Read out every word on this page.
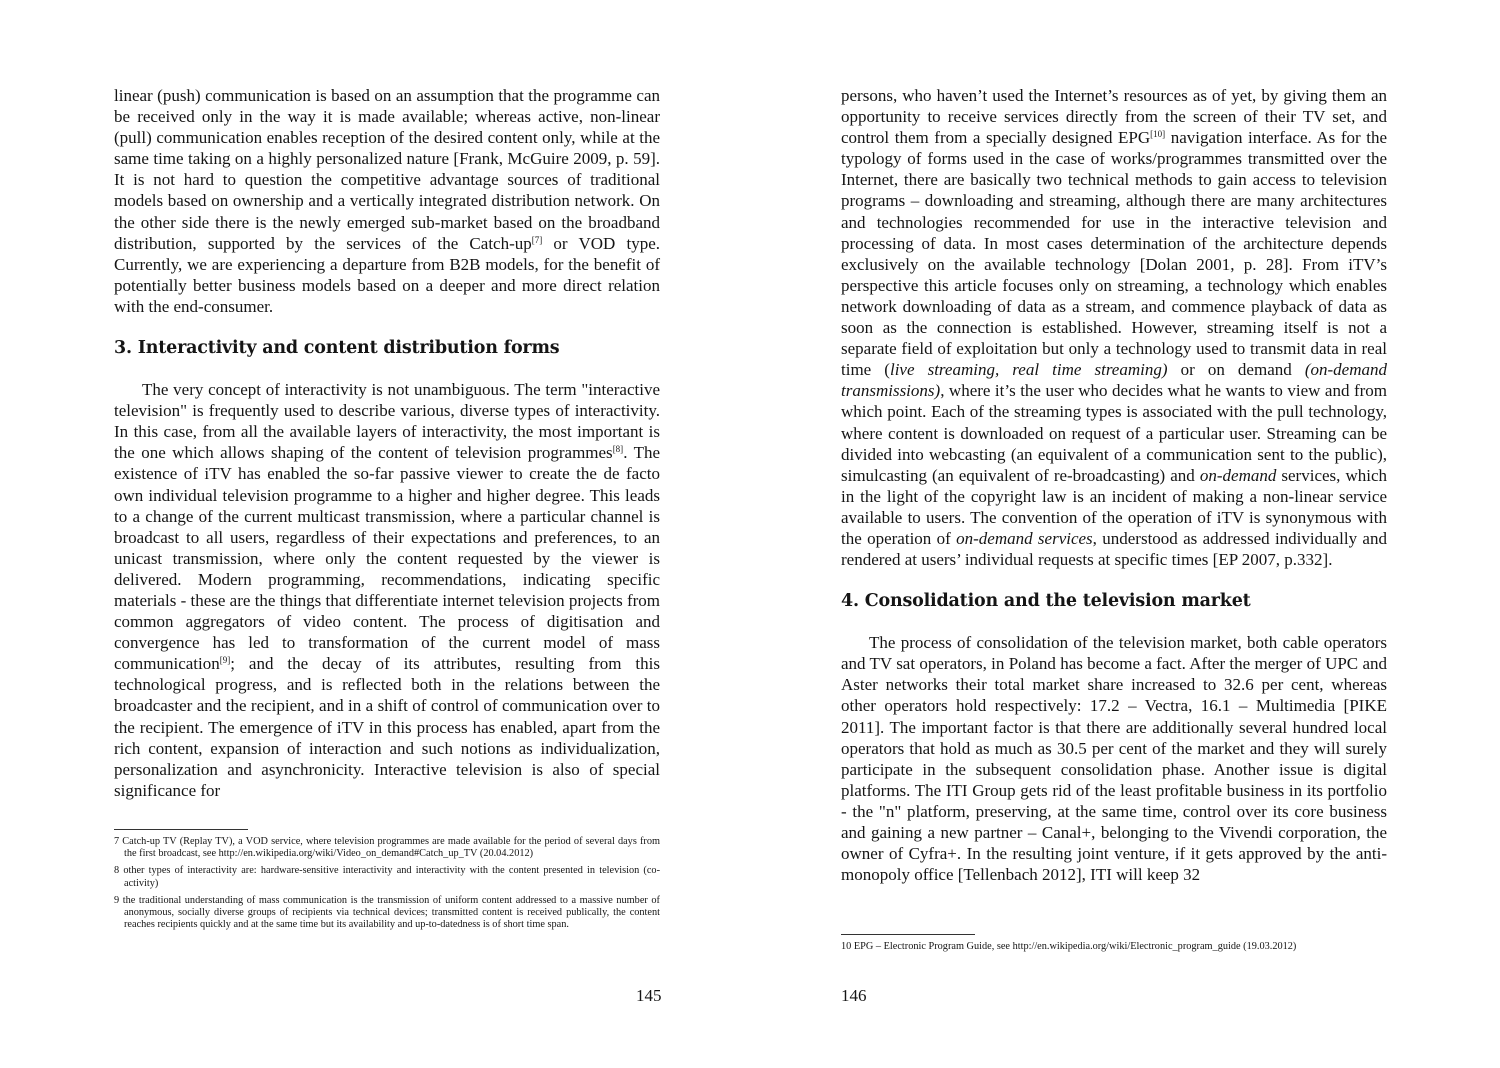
linear (push) communication is based on an assumption that the programme can be received only in the way it is made available; whereas active, non-linear (pull) communication enables reception of the desired content only, while at the same time taking on a highly personalized nature [Frank, McGuire 2009, p. 59]. It is not hard to question the competitive advantage sources of traditional models based on ownership and a vertically integrated distribution network. On the other side there is the newly emerged sub-market based on the broadband distribution, supported by the services of the Catch-up[7] or VOD type. Currently, we are experiencing a departure from B2B models, for the benefit of potentially better business models based on a deeper and more direct relation with the end-consumer.

3. Interactivity and content distribution forms

The very concept of interactivity is not unambiguous. The term "interactive television" is frequently used to describe various, diverse types of interactivity. In this case, from all the available layers of interactivity, the most important is the one which allows shaping of the content of television programmes[8]. The existence of iTV has enabled the so-far passive viewer to create the de facto own individual television programme to a higher and higher degree. This leads to a change of the current multicast transmission, where a particular channel is broadcast to all users, regardless of their expectations and preferences, to an unicast transmission, where only the content requested by the viewer is delivered. Modern programming, recommendations, indicating specific materials - these are the things that differentiate internet television projects from common aggregators of video content. The process of digitisation and convergence has led to transformation of the current model of mass communication[9]; and the decay of its attributes, resulting from this technological progress, and is reflected both in the relations between the broadcaster and the recipient, and in a shift of control of communication over to the recipient. The emergence of iTV in this process has enabled, apart from the rich content, expansion of interaction and such notions as individualization, personalization and asynchronicity. Interactive television is also of special significance for

7 Catch-up TV (Replay TV), a VOD service, where television programmes are made available for the period of several days from the first broadcast, see http://en.wikipedia.org/wiki/Video_on_demand#Catch_up_TV (20.04.2012)

8 other types of interactivity are: hardware-sensitive interactivity and interactivity with the content presented in television (co-activity)

9 the traditional understanding of mass communication is the transmission of uniform content addressed to a massive number of anonymous, socially diverse groups of recipients via technical devices; transmitted content is received publically, the content reaches recipients quickly and at the same time but its availability and up-to-datedness is of short time span.

145

persons, who haven’t used the Internet’s resources as of yet, by giving them an opportunity to receive services directly from the screen of their TV set, and control them from a specially designed EPG[10] navigation interface. As for the typology of forms used in the case of works/programmes transmitted over the Internet, there are basically two technical methods to gain access to television programs – downloading and streaming, although there are many architectures and technologies recommended for use in the interactive television and processing of data. In most cases determination of the architecture depends exclusively on the available technology [Dolan 2001, p. 28]. From iTV’s perspective this article focuses only on streaming, a technology which enables network downloading of data as a stream, and commence playback of data as soon as the connection is established. However, streaming itself is not a separate field of exploitation but only a technology used to transmit data in real time (live streaming, real time streaming) or on demand (on-demand transmissions), where it’s the user who decides what he wants to view and from which point. Each of the streaming types is associated with the pull technology, where content is downloaded on request of a particular user. Streaming can be divided into webcasting (an equivalent of a communication sent to the public), simulcasting (an equivalent of re-broadcasting) and on-demand services, which in the light of the copyright law is an incident of making a non-linear service available to users. The convention of the operation of iTV is synonymous with the operation of on-demand services, understood as addressed individually and rendered at users’ individual requests at specific times [EP 2007, p.332].

4. Consolidation and the television market

The process of consolidation of the television market, both cable operators and TV sat operators, in Poland has become a fact. After the merger of UPC and Aster networks their total market share increased to 32.6 per cent, whereas other operators hold respectively: 17.2 – Vectra, 16.1 – Multimedia [PIKE 2011]. The important factor is that there are additionally several hundred local operators that hold as much as 30.5 per cent of the market and they will surely participate in the subsequent consolidation phase. Another issue is digital platforms. The ITI Group gets rid of the least profitable business in its portfolio - the "n" platform, preserving, at the same time, control over its core business and gaining a new partner – Canal+, belonging to the Vivendi corporation, the owner of Cyfra+. In the resulting joint venture, if it gets approved by the anti-monopoly office [Tellenbach 2012], ITI will keep 32

10 EPG – Electronic Program Guide, see http://en.wikipedia.org/wiki/Electronic_program_guide (19.03.2012)

146
